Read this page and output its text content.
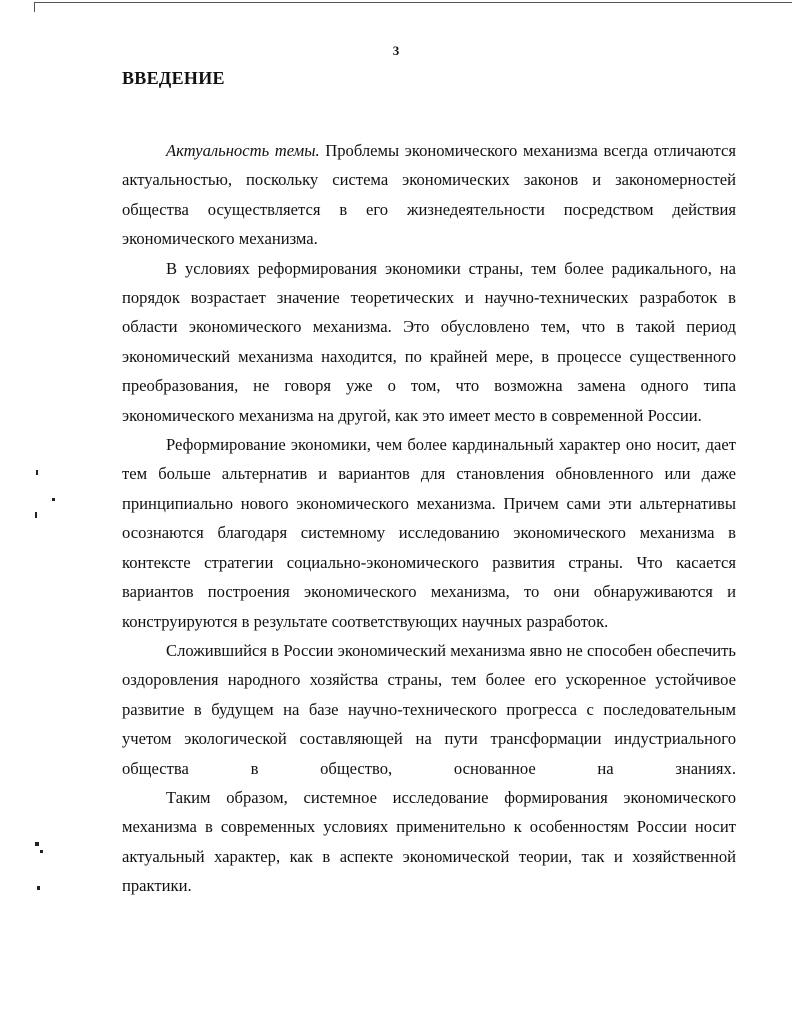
3
ВВЕДЕНИЕ

Актуальность темы. Проблемы экономического механизма всегда отличаются актуальностью, поскольку система экономических законов и закономерностей общества осуществляется в его жизнедеятельности посредством действия экономического механизма.

В условиях реформирования экономики страны, тем более радикального, на порядок возрастает значение теоретических и научно-технических разработок в области экономического механизма. Это обусловлено тем, что в такой период экономический механизма находится, по крайней мере, в процессе существенного преобразования, не говоря уже о том, что возможна замена одного типа экономического механизма на другой, как это имеет место в современной России.

Реформирование экономики, чем более кардинальный характер оно носит, дает тем больше альтернатив и вариантов для становления обновленного или даже принципиально нового экономического механизма. Причем сами эти альтернативы осознаются благодаря системному исследованию экономического механизма в контексте стратегии социально-экономического развития страны. Что касается вариантов построения экономического механизма, то они обнаруживаются и конструируются в результате соответствующих научных разработок.

Сложившийся в России экономический механизма явно не способен обеспечить оздоровления народного хозяйства страны, тем более его ускоренное устойчивое развитие в будущем на базе научно-технического прогресса с последовательным учетом экологической составляющей на пути трансформации индустриального общества в общество, основанное на знаниях.

Таким образом, системное исследование формирования экономического механизма в современных условиях применительно к особенностям России носит актуальный характер, как в аспекте экономической теории, так и хозяйственной практики.
